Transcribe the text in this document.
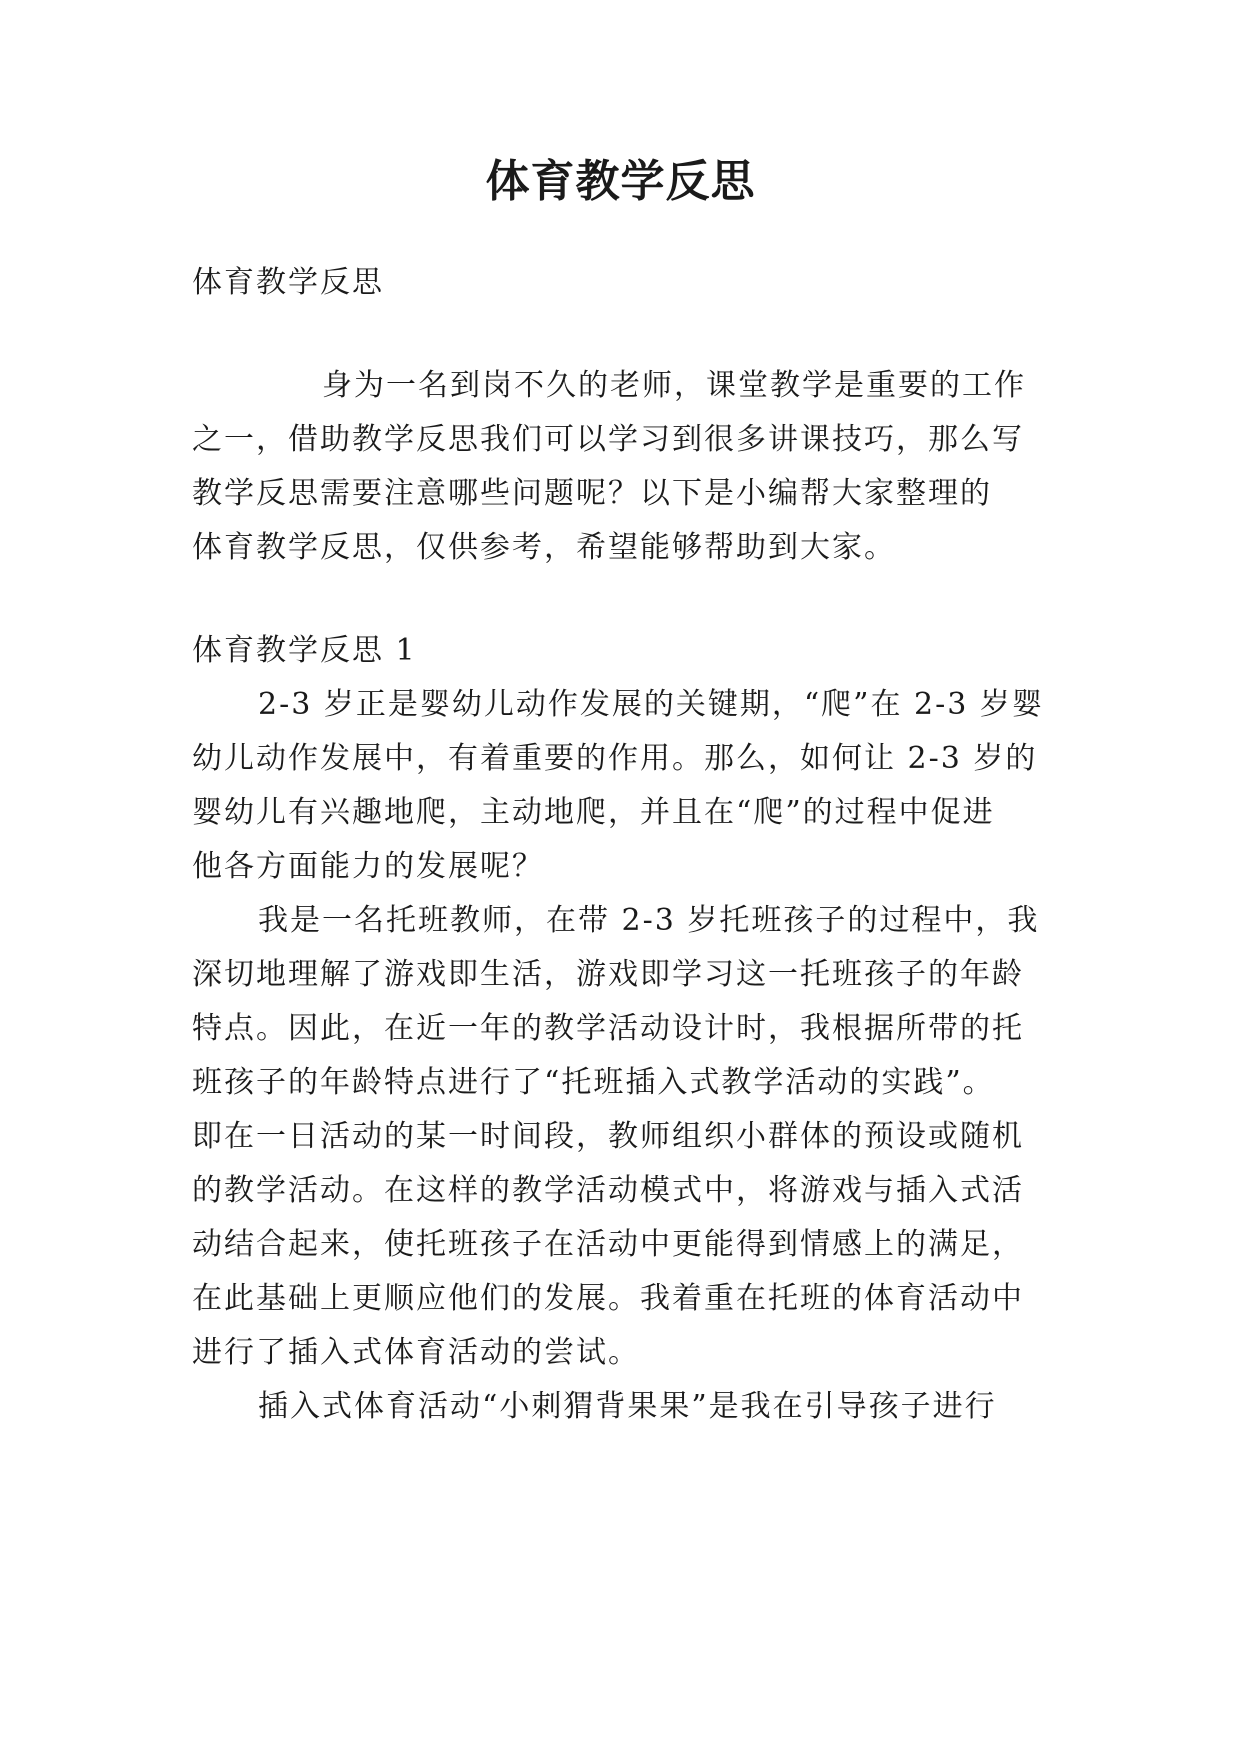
体育教学反思
体育教学反思
身为一名到岗不久的老师，课堂教学是重要的工作
之一，借助教学反思我们可以学习到很多讲课技巧，那么写
教学反思需要注意哪些问题呢？以下是小编帮大家整理的
体育教学反思，仅供参考，希望能够帮助到大家。
体育教学反思 1
2-3 岁正是婴幼儿动作发展的关键期，“爬”在 2-3 岁婴
幼儿动作发展中，有着重要的作用。那么，如何让 2-3 岁的
婴幼儿有兴趣地爬，主动地爬，并且在“爬”的过程中促进
他各方面能力的发展呢？
我是一名托班教师，在带 2-3 岁托班孩子的过程中，我
深切地理解了游戏即生活，游戏即学习这一托班孩子的年龄
特点。因此，在近一年的教学活动设计时，我根据所带的托
班孩子的年龄特点进行了“托班插入式教学活动的实践”。
即在一日活动的某一时间段，教师组织小群体的预设或随机
的教学活动。在这样的教学活动模式中，将游戏与插入式活
动结合起来，使托班孩子在活动中更能得到情感上的满足，
在此基础上更顺应他们的发展。我着重在托班的体育活动中
进行了插入式体育活动的尝试。
插入式体育活动“小刺猬背果果”是我在引导孩子进行
